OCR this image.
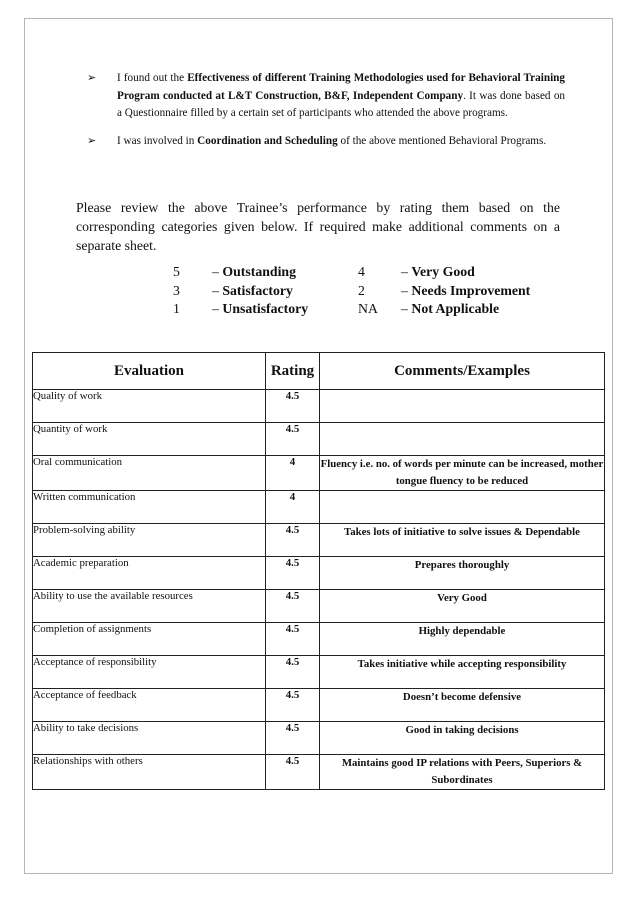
➢ I found out the Effectiveness of different Training Methodologies used for Behavioral Training Program conducted at L&T Construction, B&F, Independent Company. It was done based on a Questionnaire filled by a certain set of participants who attended the above programs.
➢ I was involved in Coordination and Scheduling of the above mentioned Behavioral Programs.

Please review the above Trainee’s performance by rating them based on the corresponding categories given below. If required make additional comments on a separate sheet.

5 – Outstanding	4	– Very Good
3 – Satisfactory	2	– Needs Improvement
1 – Unsatisfactory	NA – Not Applicable
Evaluation	Rating	Comments/Examples
Quality of work	4.5	
Quantity of work	4.5	
Oral communication	4	Fluency i.e. no. of words per minute can be increased, mother tongue fluency to be reduced
Written communication	4	
Problem-solving ability	4.5	Takes lots of initiative to solve issues & Dependable
Academic preparation	4.5	Prepares thoroughly
Ability to use the available resources	4.5	Very Good
Completion of assignments	4.5	Highly dependable
Acceptance of responsibility	4.5	Takes initiative while accepting responsibility
Acceptance of feedback	4.5	Doesn’t become defensive
Ability to take decisions	4.5	Good in taking decisions
Relationships with others	4.5	Maintains good IP relations with Peers, Superiors & Subordinates
